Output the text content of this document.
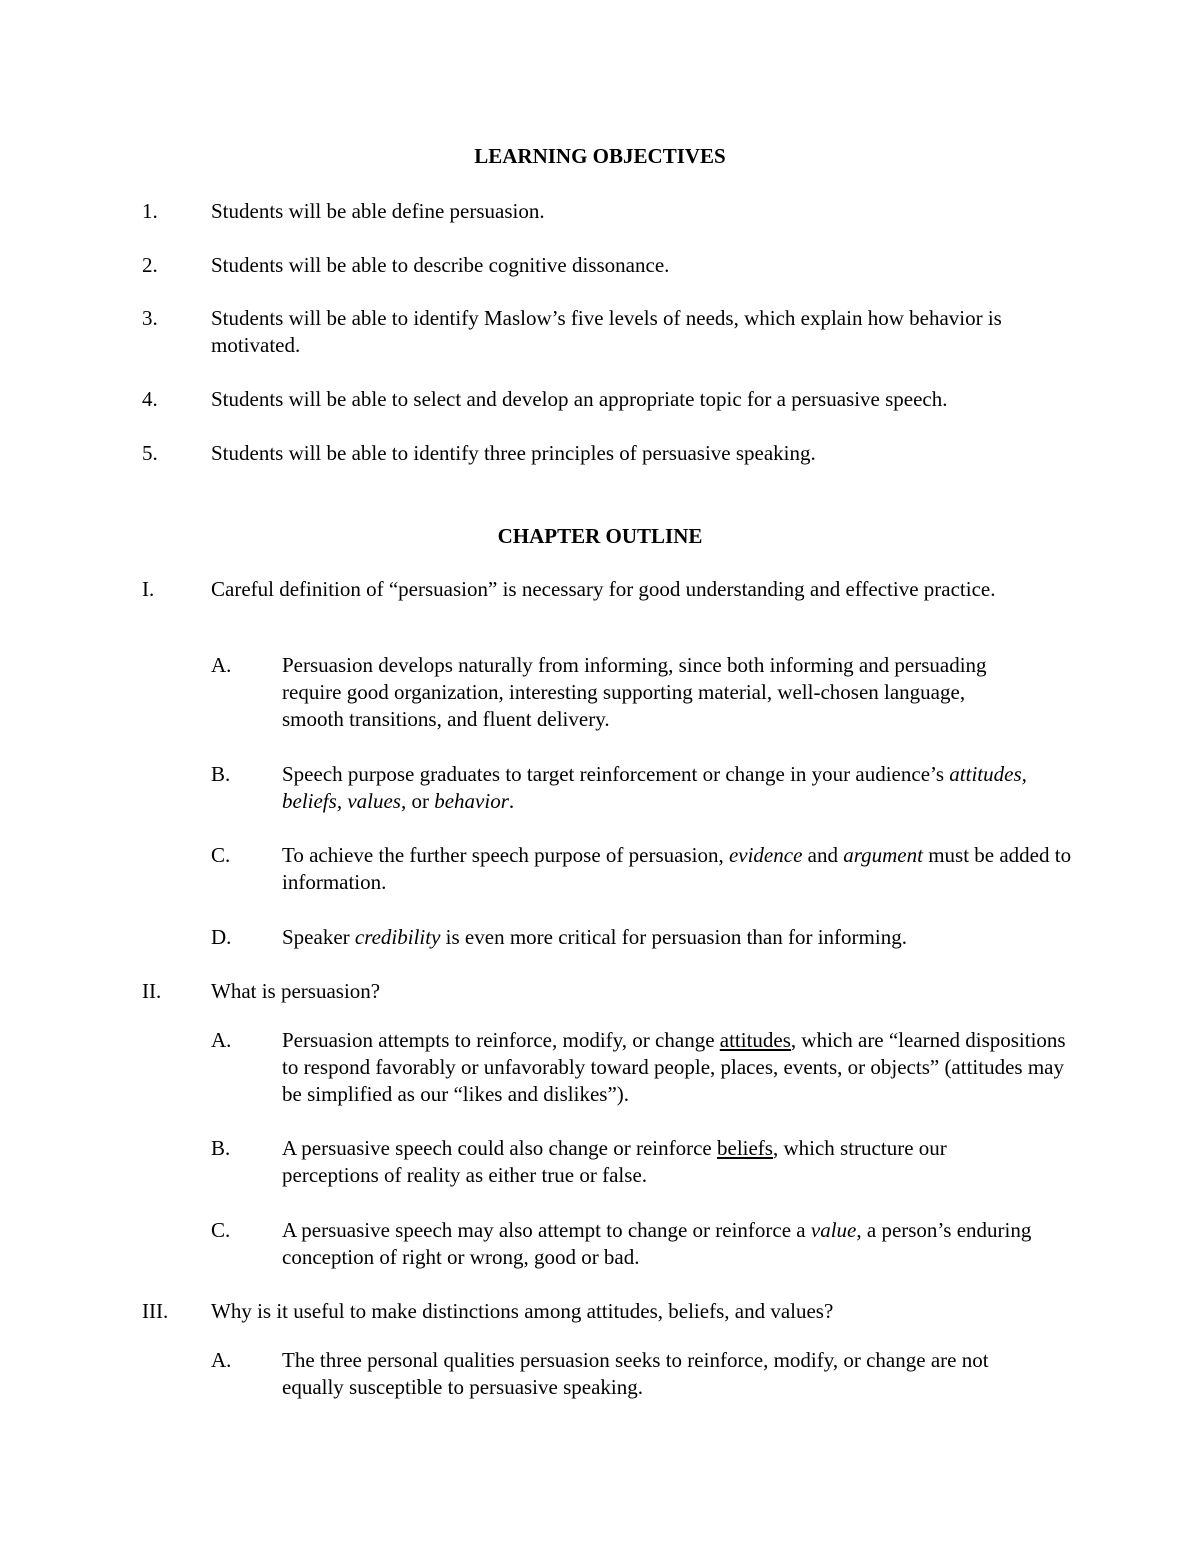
LEARNING OBJECTIVES
1.	Students will be able define persuasion.
2.	Students will be able to describe cognitive dissonance.
3.	Students will be able to identify Maslow’s five levels of needs, which explain how behavior is motivated.
4.	Students will be able to select and develop an appropriate topic for a persuasive speech.
5.	Students will be able to identify three principles of persuasive speaking.
CHAPTER OUTLINE
I.	Careful definition of “persuasion” is necessary for good understanding and effective practice.
A. Persuasion develops naturally from informing, since both informing and persuading require good organization, interesting supporting material, well-chosen language, smooth transitions, and fluent delivery.
B. Speech purpose graduates to target reinforcement or change in your audience’s attitudes, beliefs, values, or behavior.
C. To achieve the further speech purpose of persuasion, evidence and argument must be added to information.
D. Speaker credibility is even more critical for persuasion than for informing.
II. What is persuasion?
A. Persuasion attempts to reinforce, modify, or change attitudes, which are “learned dispositions to respond favorably or unfavorably toward people, places, events, or objects” (attitudes may be simplified as our “likes and dislikes”).
B. A persuasive speech could also change or reinforce beliefs, which structure our perceptions of reality as either true or false.
C. A persuasive speech may also attempt to change or reinforce a value, a person’s enduring conception of right or wrong, good or bad.
III. Why is it useful to make distinctions among attitudes, beliefs, and values?
A. The three personal qualities persuasion seeks to reinforce, modify, or change are not equally susceptible to persuasive speaking.
